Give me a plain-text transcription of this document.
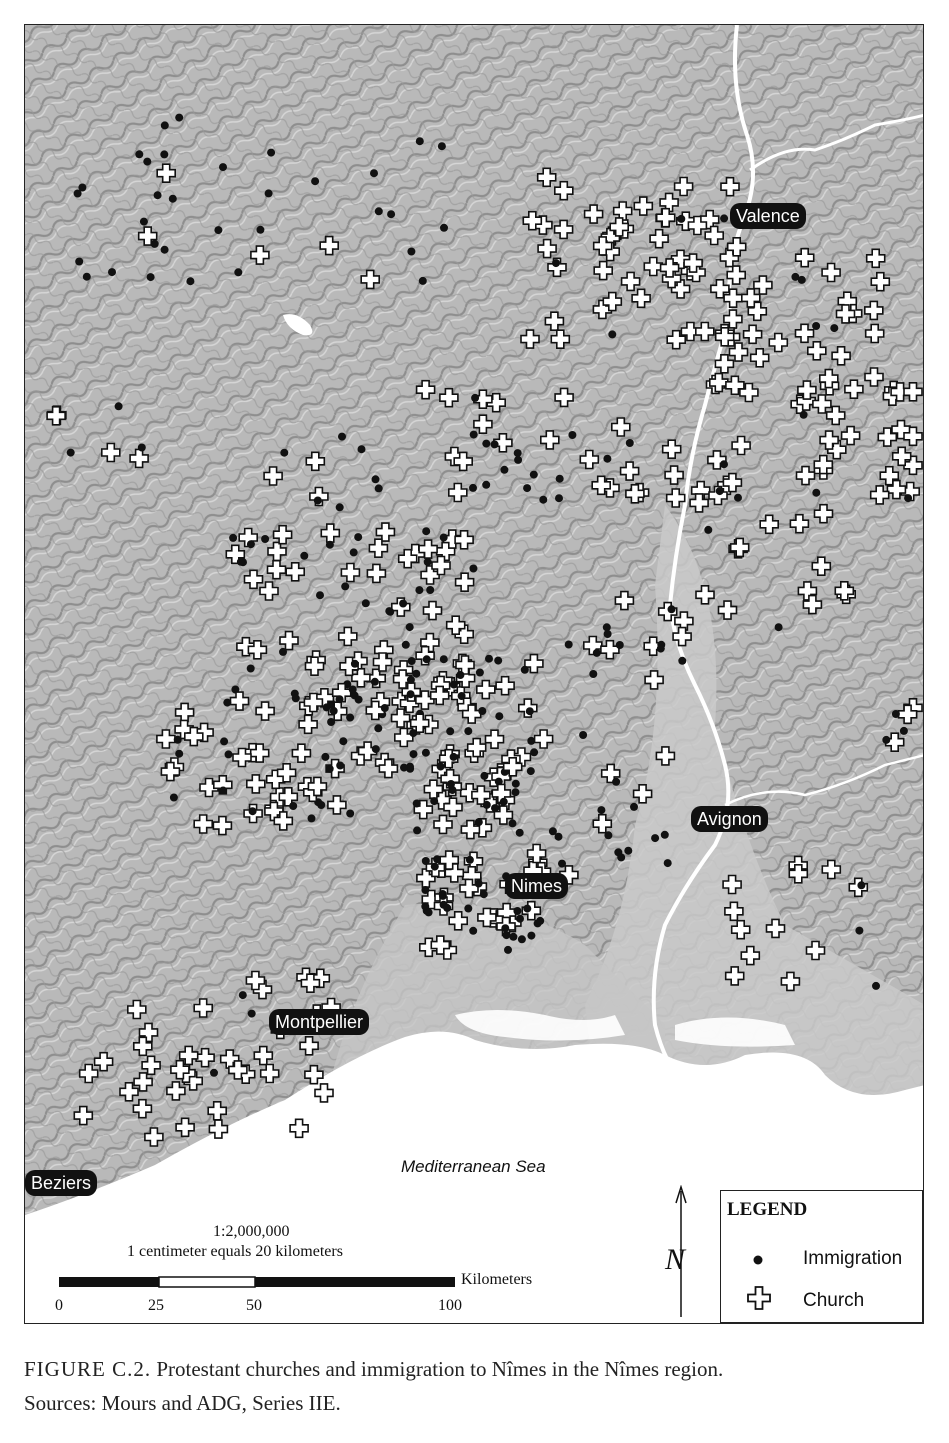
Valence
Avignon
Nimes
Montpellier
Beziers
Mediterranean Sea
1:2,000,000
1 centimeter equals 20 kilometers
Kilometers
0	25	50	100
N
LEGEND
Immigration
Church
FIGURE C.2. Protestant churches and immigration to Nîmes in the Nîmes region.
Sources: Mours and ADG, Series IIE.
